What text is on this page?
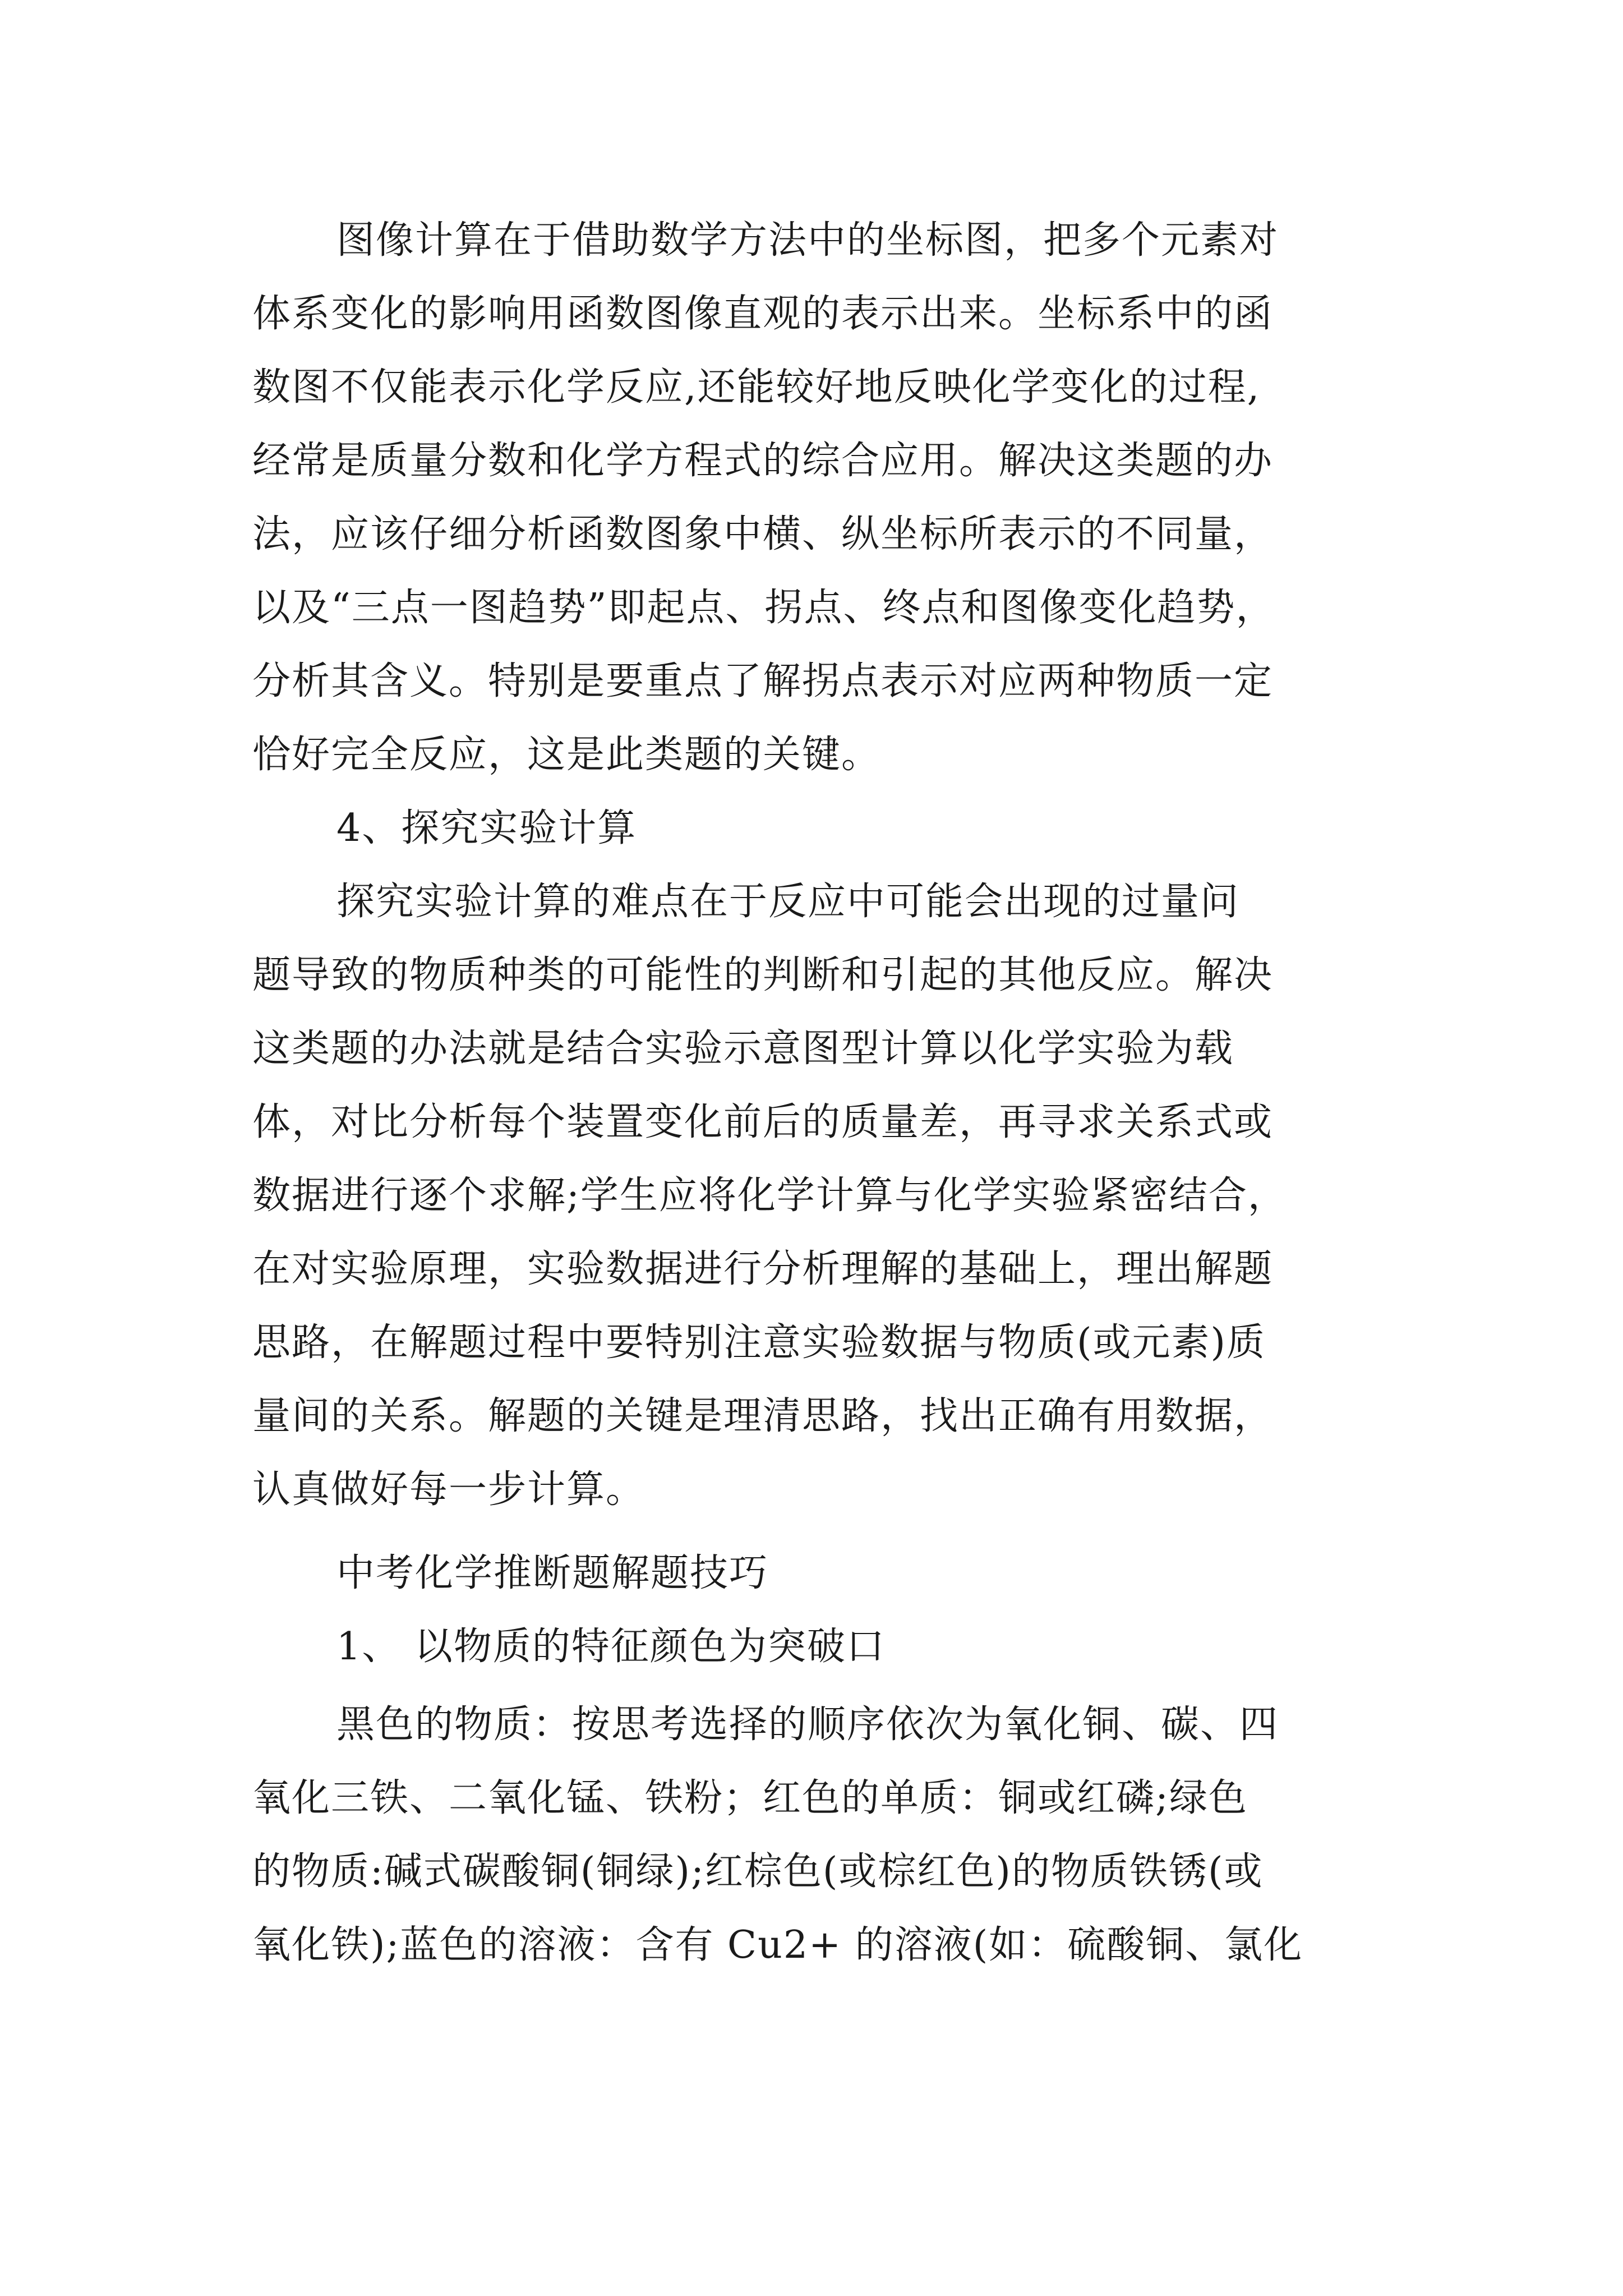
图像计算在于借助数学方法中的坐标图，把多个元素对
体系变化的影响用函数图像直观的表示出来。坐标系中的函
数图不仅能表示化学反应,还能较好地反映化学变化的过程,
经常是质量分数和化学方程式的综合应用。解决这类题的办
法，应该仔细分析函数图象中横、纵坐标所表示的不同量，
以及“三点一图趋势”即起点、拐点、终点和图像变化趋势，
分析其含义。特别是要重点了解拐点表示对应两种物质一定
恰好完全反应，这是此类题的关键。
4、探究实验计算
探究实验计算的难点在于反应中可能会出现的过量问
题导致的物质种类的可能性的判断和引起的其他反应。解决
这类题的办法就是结合实验示意图型计算以化学实验为载
体，对比分析每个装置变化前后的质量差，再寻求关系式或
数据进行逐个求解;学生应将化学计算与化学实验紧密结合，
在对实验原理，实验数据进行分析理解的基础上，理出解题
思路，在解题过程中要特别注意实验数据与物质(或元素)质
量间的关系。解题的关键是理清思路，找出正确有用数据，
认真做好每一步计算。
中考化学推断题解题技巧
1、 以物质的特征颜色为突破口
黑色的物质：按思考选择的顺序依次为氧化铜、碳、四
氧化三铁、二氧化锰、铁粉；红色的单质：铜或红磷;绿色
的物质:碱式碳酸铜(铜绿);红棕色(或棕红色)的物质铁锈(或
氧化铁);蓝色的溶液：含有 Cu2+ 的溶液(如：硫酸铜、氯化
